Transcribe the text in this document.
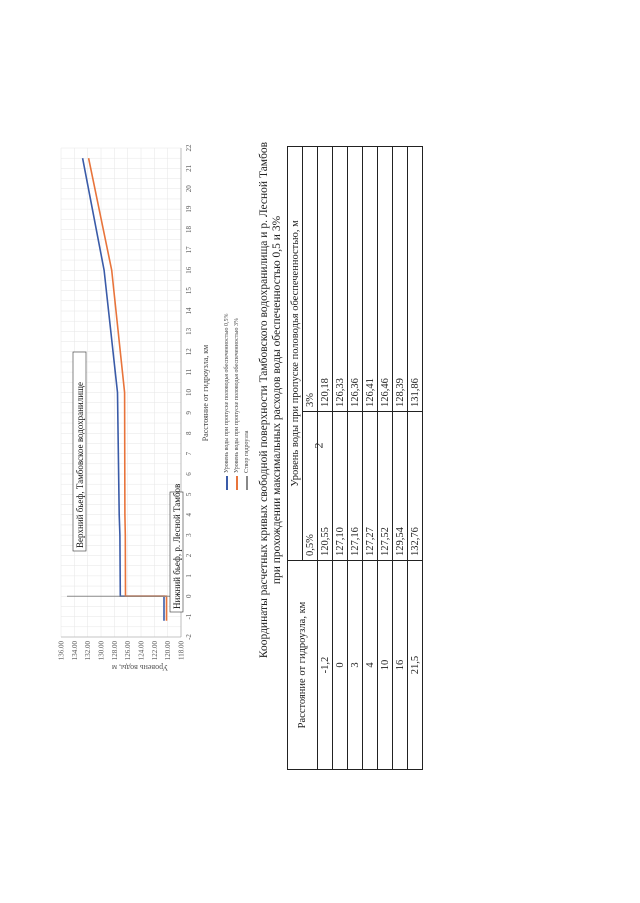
2
118.00
120.00
122.00
124.00
126.00
128.00
130.00
132.00
134.00
136.00
-2
-1
0
1
2
3
4
5
6
7
8
9
10
11
12
13
14
15
16
17
18
19
20
21
22
Уровень воды, м
Расстояние от гидроузла, км
Верхний бьеф, Тамбовское водохранилище	Нижний бьеф, р. Лесной Тамбов
Уровень воды при пропуске половодья обеспеченностью 0,5% Уровень воды при пропуске половодья обеспеченностью 3% Створ гидроузла Координаты расчетных кривых свободной поверхности Тамбовского водохранилища и р. Лесной Тамбов при прохождении максимальных расходов воды обеспеченностью 0,5 и 3%
Расстояние от гидроузла, км	Уровень воды при пропуске половодья обеспеченностью, м	
	0,5%	3%
-1,2	120,55	120,18
0	127,10	126,33
3	127,16	126,36
4	127,27	126,41
10	127,52	126,46
16	129,54	128,39
21,5	132,76	131,86
